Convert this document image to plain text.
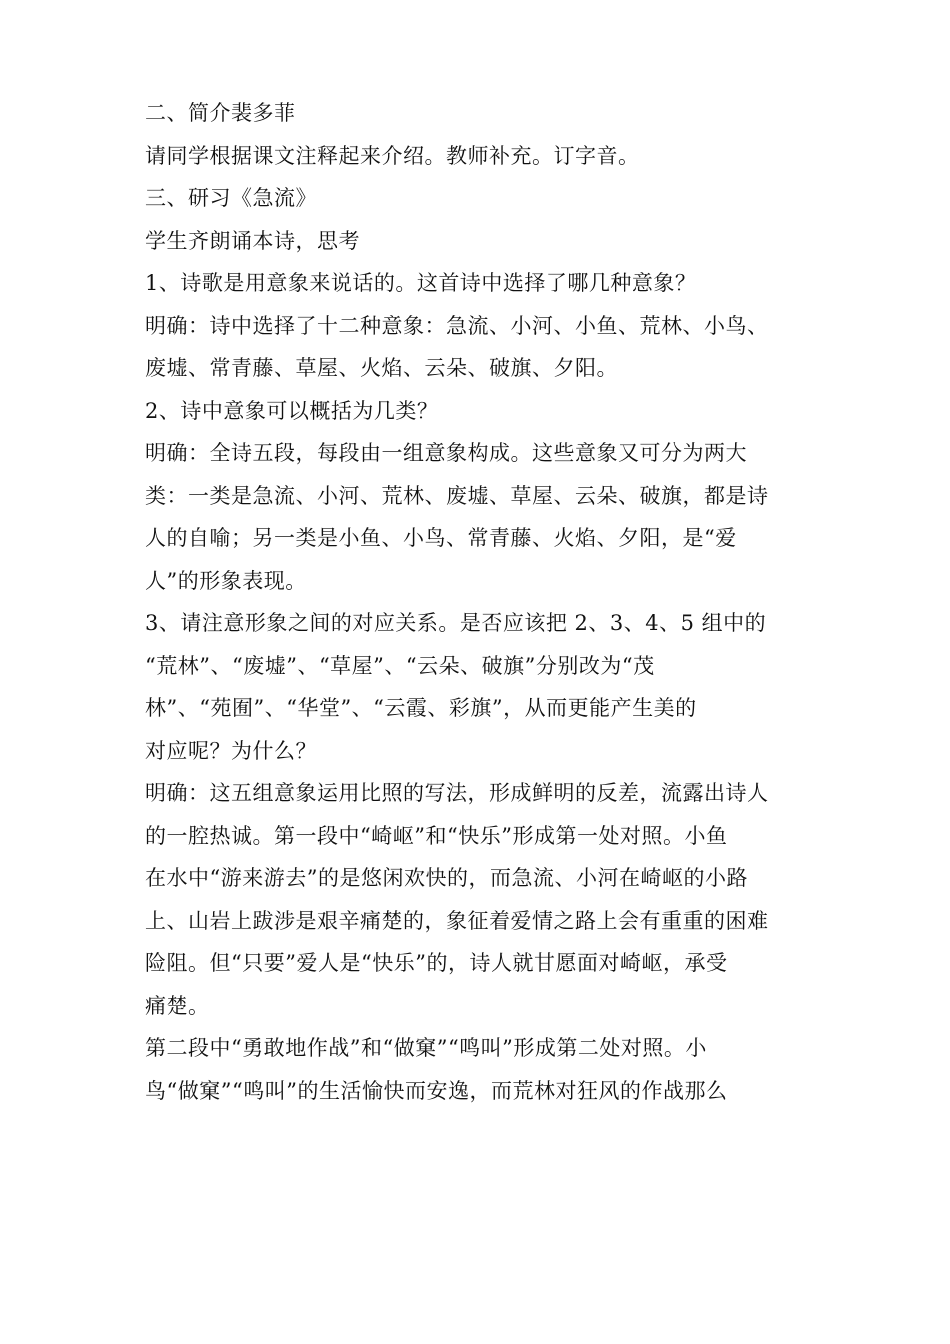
二、简介裴多菲
请同学根据课文注释起来介绍。教师补充。订字音。
三、研习《急流》
学生齐朗诵本诗，思考
1、诗歌是用意象来说话的。这首诗中选择了哪几种意象？
明确：诗中选择了十二种意象：急流、小河、小鱼、荒林、小鸟、
废墟、常青藤、草屋、火焰、云朵、破旗、夕阳。
2、诗中意象可以概括为几类？
明确：全诗五段，每段由一组意象构成。这些意象又可分为两大
类：一类是急流、小河、荒林、废墟、草屋、云朵、破旗，都是诗
人的自喻；另一类是小鱼、小鸟、常青藤、火焰、夕阳，是“爱
人”的形象表现。
3、请注意形象之间的对应关系。是否应该把 2、3、4、5 组中的
“荒林”、“废墟”、“草屋”、“云朵、破旗”分别改为“茂
林”、“苑囿”、“华堂”、“云霞、彩旗”，从而更能产生美的
对应呢？为什么？
明确：这五组意象运用比照的写法，形成鲜明的反差，流露出诗人
的一腔热诚。第一段中“崎岖”和“快乐”形成第一处对照。小鱼
在水中“游来游去”的是悠闲欢快的，而急流、小河在崎岖的小路
上、山岩上跋涉是艰辛痛楚的，象征着爱情之路上会有重重的困难
险阻。但“只要”爱人是“快乐”的，诗人就甘愿面对崎岖，承受
痛楚。
第二段中“勇敢地作战”和“做窠”“鸣叫”形成第二处对照。小
鸟“做窠”“鸣叫”的生活愉快而安逸，而荒林对狂风的作战那么
